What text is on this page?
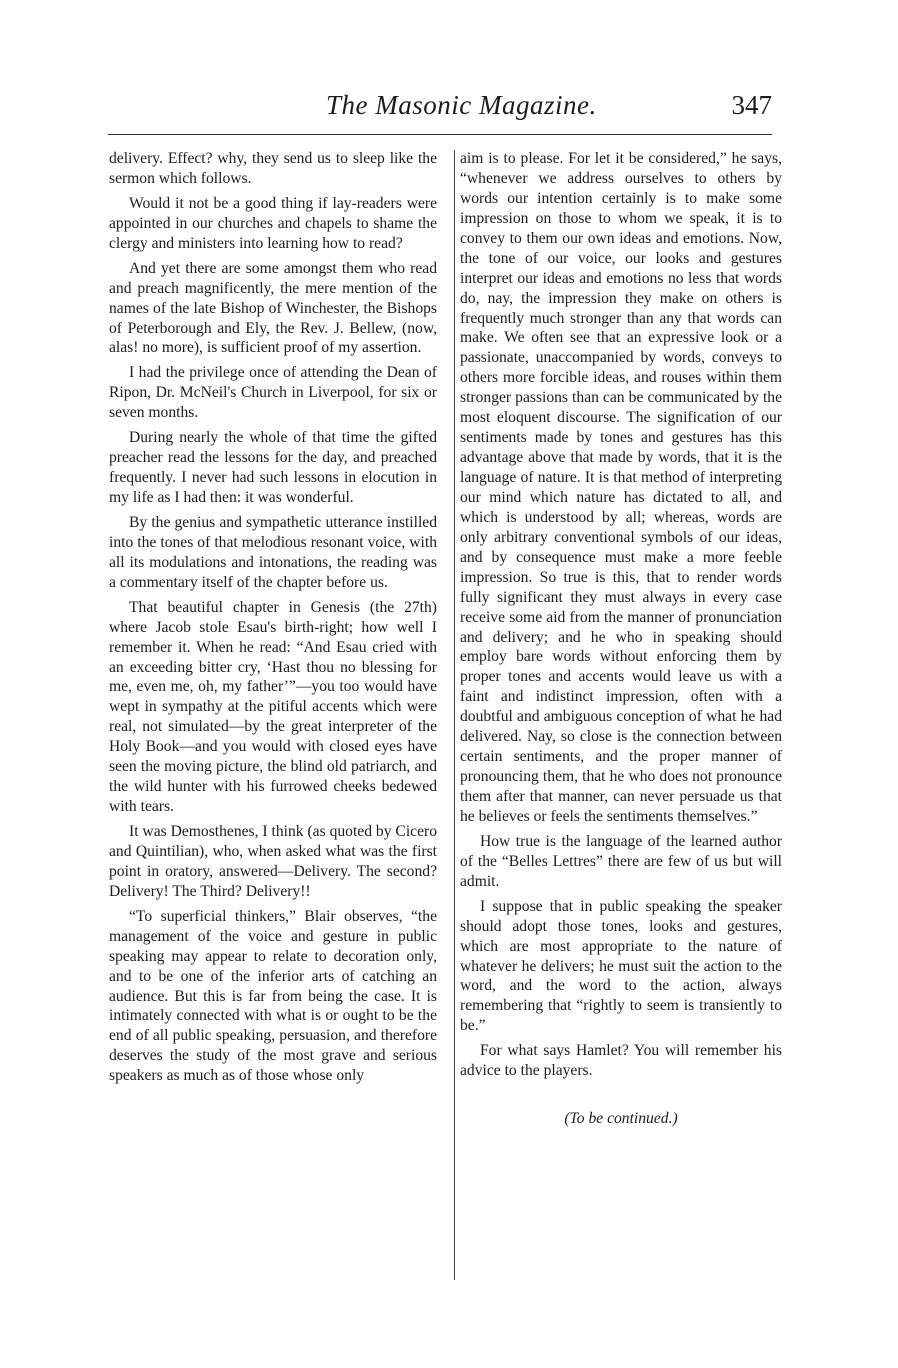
The Masonic Magazine.	347

delivery. Effect? why, they send us to sleep like the sermon which follows.

Would it not be a good thing if lay-readers were appointed in our churches and chapels to shame the clergy and ministers into learning how to read?

And yet there are some amongst them who read and preach magnificently, the mere mention of the names of the late Bishop of Winchester, the Bishops of Peterborough and Ely, the Rev. J. Bellew, (now, alas! no more), is sufficient proof of my assertion.

I had the privilege once of attending the Dean of Ripon, Dr. McNeil's Church in Liverpool, for six or seven months.

During nearly the whole of that time the gifted preacher read the lessons for the day, and preached frequently. I never had such lessons in elocution in my life as I had then: it was wonderful.

By the genius and sympathetic utterance instilled into the tones of that melodious resonant voice, with all its modulations and intonations, the reading was a commentary itself of the chapter before us.

That beautiful chapter in Genesis (the 27th) where Jacob stole Esau's birth-right; how well I remember it. When he read: “And Esau cried with an exceeding bitter cry, ‘Hast thou no blessing for me, even me, oh, my father’”—you too would have wept in sympathy at the pitiful accents which were real, not simulated—by the great interpreter of the Holy Book—and you would with closed eyes have seen the moving picture, the blind old patriarch, and the wild hunter with his furrowed cheeks bedewed with tears.

It was Demosthenes, I think (as quoted by Cicero and Quintilian), who, when asked what was the first point in oratory, answered—Delivery. The second? Delivery! The Third? Delivery!!

“To superficial thinkers,” Blair observes, “the management of the voice and gesture in public speaking may appear to relate to decoration only, and to be one of the inferior arts of catching an audience. But this is far from being the case. It is intimately connected with what is or ought to be the end of all public speaking, persuasion, and therefore deserves the study of the most grave and serious speakers as much as of those whose only

aim is to please. For let it be considered,” he says, “whenever we address ourselves to others by words our intention certainly is to make some impression on those to whom we speak, it is to convey to them our own ideas and emotions. Now, the tone of our voice, our looks and gestures interpret our ideas and emotions no less that words do, nay, the impression they make on others is frequently much stronger than any that words can make. We often see that an expressive look or a passionate, unaccompanied by words, conveys to others more forcible ideas, and rouses within them stronger passions than can be communicated by the most eloquent discourse. The signification of our sentiments made by tones and gestures has this advantage above that made by words, that it is the language of nature. It is that method of interpreting our mind which nature has dictated to all, and which is understood by all; whereas, words are only arbitrary conventional symbols of our ideas, and by consequence must make a more feeble impression. So true is this, that to render words fully significant they must always in every case receive some aid from the manner of pronunciation and delivery; and he who in speaking should employ bare words without enforcing them by proper tones and accents would leave us with a faint and indistinct impression, often with a doubtful and ambiguous conception of what he had delivered. Nay, so close is the connection between certain sentiments, and the proper manner of pronouncing them, that he who does not pronounce them after that manner, can never persuade us that he believes or feels the sentiments themselves.”

How true is the language of the learned author of the “Belles Lettres” there are few of us but will admit.

I suppose that in public speaking the speaker should adopt those tones, looks and gestures, which are most appropriate to the nature of whatever he delivers; he must suit the action to the word, and the word to the action, always remembering that “rightly to seem is transiently to be.”

For what says Hamlet? You will remember his advice to the players.

(To be continued.)
